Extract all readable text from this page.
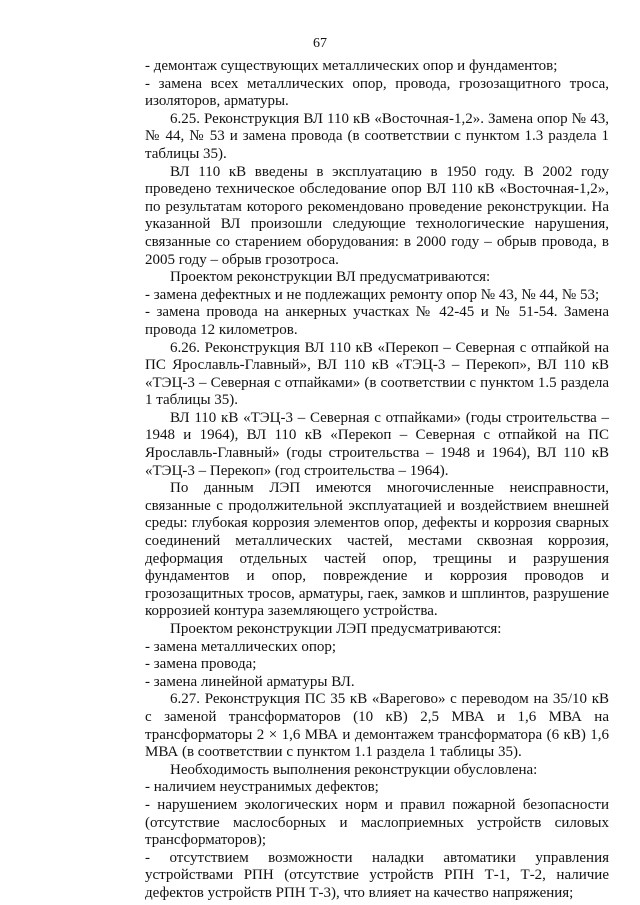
67

- демонтаж существующих металлических опор и фундаментов;

- замена всех металлических опор, провода, грозозащитного троса, изоляторов, арматуры.

6.25. Реконструкция ВЛ 110 кВ «Восточная-1,2». Замена опор № 43, № 44, № 53 и замена провода (в соответствии с пунктом 1.3 раздела 1 таблицы 35).

ВЛ 110 кВ введены в эксплуатацию в 1950 году. В 2002 году проведено техническое обследование опор ВЛ 110 кВ «Восточная-1,2», по результатам которого рекомендовано проведение реконструкции. На указанной ВЛ произошли следующие технологические нарушения, связанные со старением оборудования: в 2000 году – обрыв провода, в 2005 году – обрыв грозотроса.

Проектом реконструкции ВЛ предусматриваются:

- замена дефектных и не подлежащих ремонту опор № 43, № 44, № 53;

- замена провода на анкерных участках № 42-45 и № 51-54. Замена провода 12 километров.

6.26. Реконструкция ВЛ 110 кВ «Перекоп – Северная с отпайкой на ПС Ярославль-Главный», ВЛ 110 кВ «ТЭЦ-3 – Перекоп», ВЛ 110 кВ «ТЭЦ-3 – Северная с отпайками» (в соответствии с пунктом 1.5 раздела 1 таблицы 35).

ВЛ 110 кВ «ТЭЦ-3 – Северная с отпайками» (годы строительства – 1948 и 1964), ВЛ 110 кВ «Перекоп – Северная с отпайкой на ПС Ярославль-Главный» (годы строительства – 1948 и 1964), ВЛ 110 кВ «ТЭЦ-3 – Перекоп» (год строительства – 1964).

По данным ЛЭП имеются многочисленные неисправности, связанные с продолжительной эксплуатацией и воздействием внешней среды: глубокая коррозия элементов опор, дефекты и коррозия сварных соединений металлических частей, местами сквозная коррозия, деформация отдельных частей опор, трещины и разрушения фундаментов и опор, повреждение и коррозия проводов и грозозащитных тросов, арматуры, гаек, замков и шплинтов, разрушение коррозией контура заземляющего устройства.

Проектом реконструкции ЛЭП предусматриваются:

- замена металлических опор;

- замена провода;

- замена линейной арматуры ВЛ.

6.27. Реконструкция ПС 35 кВ «Варегово» с переводом на 35/10 кВ с заменой трансформаторов (10 кВ) 2,5 МВА и 1,6 МВА на трансформаторы 2 × 1,6 МВА и демонтажем трансформатора (6 кВ) 1,6 МВА (в соответствии с пунктом 1.1 раздела 1 таблицы 35).

Необходимость выполнения реконструкции обусловлена:

- наличием неустранимых дефектов;

- нарушением экологических норм и правил пожарной безопасности (отсутствие маслосборных и маслоприемных устройств силовых трансформаторов);

- отсутствием возможности наладки автоматики управления устройствами РПН (отсутствие устройств РПН Т-1, Т-2, наличие дефектов устройств РПН Т-3), что влияет на качество напряжения;
